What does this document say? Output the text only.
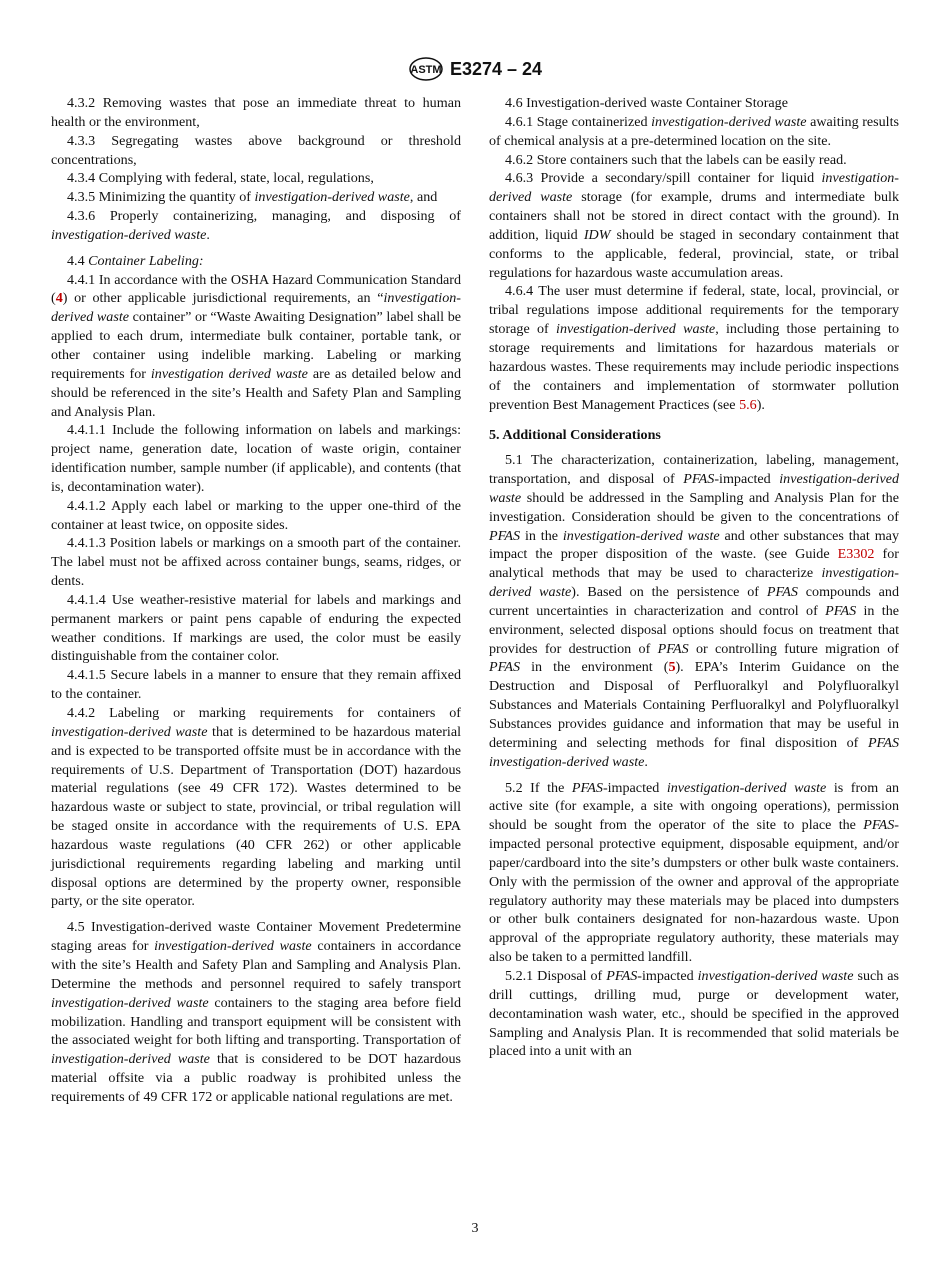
ASTM E3274 – 24

4.3.2 Removing wastes that pose an immediate threat to human health or the environment,

4.3.3 Segregating wastes above background or threshold concentrations,

4.3.4 Complying with federal, state, local, regulations,

4.3.5 Minimizing the quantity of investigation-derived waste, and

4.3.6 Properly containerizing, managing, and disposing of investigation-derived waste.

4.4 Container Labeling:

4.4.1 In accordance with the OSHA Hazard Communication Standard (4) or other applicable jurisdictional requirements, an “investigation-derived waste container” or “Waste Awaiting Designation” label shall be applied to each drum, intermediate bulk container, portable tank, or other container using indelible marking. Labeling or marking requirements for investigation derived waste are as detailed below and should be referenced in the site’s Health and Safety Plan and Sampling and Analysis Plan.

4.4.1.1 Include the following information on labels and markings: project name, generation date, location of waste origin, container identification number, sample number (if applicable), and contents (that is, decontamination water).

4.4.1.2 Apply each label or marking to the upper one-third of the container at least twice, on opposite sides.

4.4.1.3 Position labels or markings on a smooth part of the container. The label must not be affixed across container bungs, seams, ridges, or dents.

4.4.1.4 Use weather-resistive material for labels and markings and permanent markers or paint pens capable of enduring the expected weather conditions. If markings are used, the color must be easily distinguishable from the container color.

4.4.1.5 Secure labels in a manner to ensure that they remain affixed to the container.

4.4.2 Labeling or marking requirements for containers of investigation-derived waste that is determined to be hazardous material and is expected to be transported offsite must be in accordance with the requirements of U.S. Department of Transportation (DOT) hazardous material regulations (see 49 CFR 172). Wastes determined to be hazardous waste or subject to state, provincial, or tribal regulation will be staged onsite in accordance with the requirements of U.S. EPA hazardous waste regulations (40 CFR 262) or other applicable jurisdictional requirements regarding labeling and marking until disposal options are determined by the property owner, responsible party, or the site operator.

4.5 Investigation-derived waste Container Movement Predetermine staging areas for investigation-derived waste containers in accordance with the site’s Health and Safety Plan and Sampling and Analysis Plan. Determine the methods and personnel required to safely transport investigation-derived waste containers to the staging area before field mobilization. Handling and transport equipment will be consistent with the associated weight for both lifting and transporting. Transportation of investigation-derived waste that is considered to be DOT hazardous material offsite via a public roadway is prohibited unless the requirements of 49 CFR 172 or applicable national regulations are met.

4.6 Investigation-derived waste Container Storage

4.6.1 Stage containerized investigation-derived waste awaiting results of chemical analysis at a pre-determined location on the site.

4.6.2 Store containers such that the labels can be easily read.

4.6.3 Provide a secondary/spill container for liquid investigation-derived waste storage (for example, drums and intermediate bulk containers shall not be stored in direct contact with the ground). In addition, liquid IDW should be staged in secondary containment that conforms to the applicable, federal, provincial, state, or tribal regulations for hazardous waste accumulation areas.

4.6.4 The user must determine if federal, state, local, provincial, or tribal regulations impose additional requirements for the temporary storage of investigation-derived waste, including those pertaining to storage requirements and limitations for hazardous materials or hazardous wastes. These requirements may include periodic inspections of the containers and implementation of stormwater pollution prevention Best Management Practices (see 5.6).

5. Additional Considerations

5.1 The characterization, containerization, labeling, management, transportation, and disposal of PFAS-impacted investigation-derived waste should be addressed in the Sampling and Analysis Plan for the investigation. Consideration should be given to the concentrations of PFAS in the investigation-derived waste and other substances that may impact the proper disposition of the waste. (see Guide E3302 for analytical methods that may be used to characterize investigation-derived waste). Based on the persistence of PFAS compounds and current uncertainties in characterization and control of PFAS in the environment, selected disposal options should focus on treatment that provides for destruction of PFAS or controlling future migration of PFAS in the environment (5). EPA’s Interim Guidance on the Destruction and Disposal of Perfluoralkyl and Polyfluoralkyl Substances and Materials Containing Perfluoralkyl and Polyfluoralkyl Substances provides guidance and information that may be useful in determining and selecting methods for final disposition of PFAS investigation-derived waste.

5.2 If the PFAS-impacted investigation-derived waste is from an active site (for example, a site with ongoing operations), permission should be sought from the operator of the site to place the PFAS-impacted personal protective equipment, disposable equipment, and/or paper/cardboard into the site’s dumpsters or other bulk waste containers. Only with the permission of the owner and approval of the appropriate regulatory authority may these materials may be placed into dumpsters or other bulk containers designated for non-hazardous waste. Upon approval of the appropriate regulatory authority, these materials may also be taken to a permitted landfill.

5.2.1 Disposal of PFAS-impacted investigation-derived waste such as drill cuttings, drilling mud, purge or development water, decontamination wash water, etc., should be specified in the approved Sampling and Analysis Plan. It is recommended that solid materials be placed into a unit with an

3
